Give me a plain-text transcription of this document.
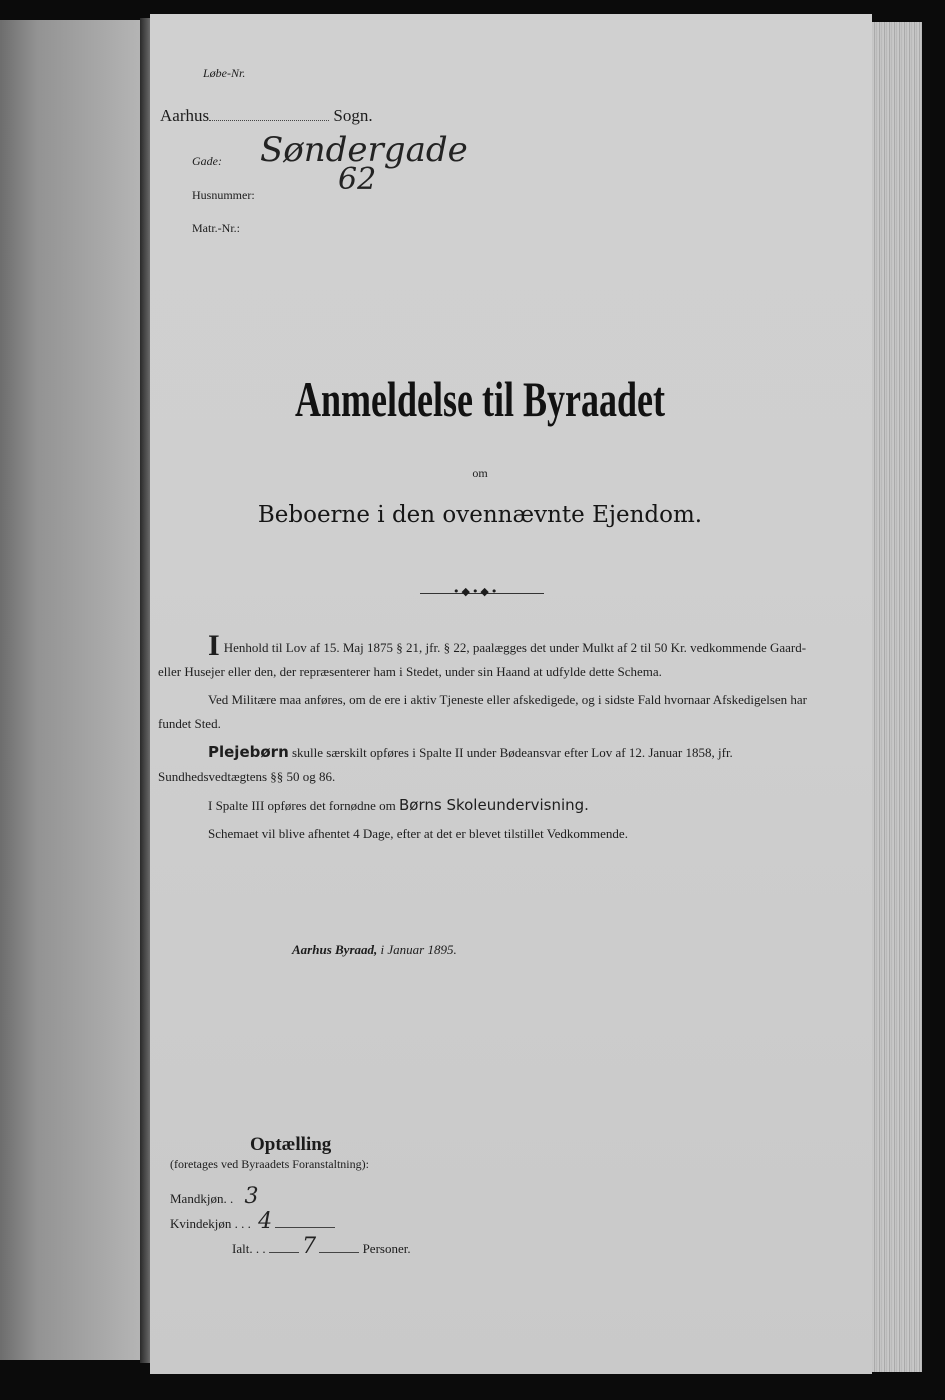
Løbe-Nr.
Aarhus	Sogn.
Gade: Søndergade
Husnummer:	62
Matr.-Nr.:
Anmeldelse til Byraadet
om
Beboerne i den ovennævnte Ejendom.
•◆•◆•

I Henhold til Lov af 15. Maj 1875 § 21, jfr. § 22, paalægges det under Mulkt af 2 til 50 Kr. vedkommende Gaard- eller Husejer eller den, der repræsenterer ham i Stedet, under sin Haand at udfylde dette Schema.

Ved Militære maa anføres, om de ere i aktiv Tjeneste eller afskedigede, og i sidste Fald hvornaar Afskedigelsen har fundet Sted.

Plejebørn skulle særskilt opføres i Spalte II under Bødeansvar efter Lov af 12. Januar 1858, jfr. Sundhedsvedtægtens §§ 50 og 86.

I Spalte III opføres det fornødne om Børns Skoleundervisning.

Schemaet vil blive afhentet 4 Dage, efter at det er blevet tilstillet Vedkommende.

Aarhus Byraad, i Januar 1895.
Optælling
(foretages ved Byraadets Foranstaltning):
Mandkjøn. . 3
Kvindekjøn . . . 4
Ialt. . . 7	Personer.
